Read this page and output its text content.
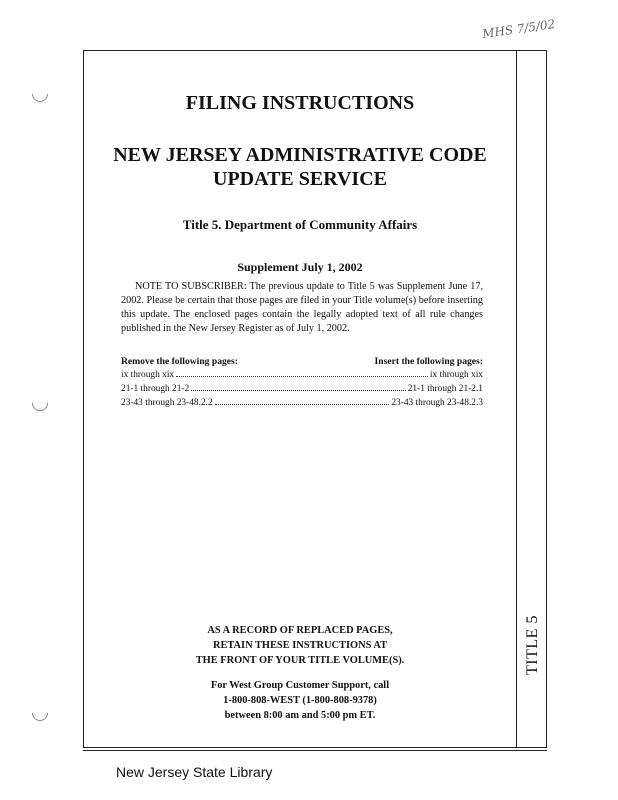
MHS 7/5/02
TITLE 5
FILING INSTRUCTIONS
NEW JERSEY ADMINISTRATIVE CODE
UPDATE SERVICE
Title 5. Department of Community Affairs
Supplement July 1, 2002

NOTE TO SUBSCRIBER: The previous update to Title 5 was Supplement June 17, 2002. Please be certain that those pages are filed in your Title volume(s) before inserting this update. The enclosed pages contain the legally adopted text of all rule changes published in the New Jersey Register as of July 1, 2002.

Remove the following pages:	Insert the following pages:
ix through xix	ix through xix
21-1 through 21-2	21-1 through 21-2.1
23-43 through 23-48.2.2	23-43 through 23-48.2.3
AS A RECORD OF REPLACED PAGES,
RETAIN THESE INSTRUCTIONS AT
THE FRONT OF YOUR TITLE VOLUME(S).
For West Group Customer Support, call
1-800-808-WEST (1-800-808-9378)
between 8:00 am and 5:00 pm ET.
New Jersey State Library
